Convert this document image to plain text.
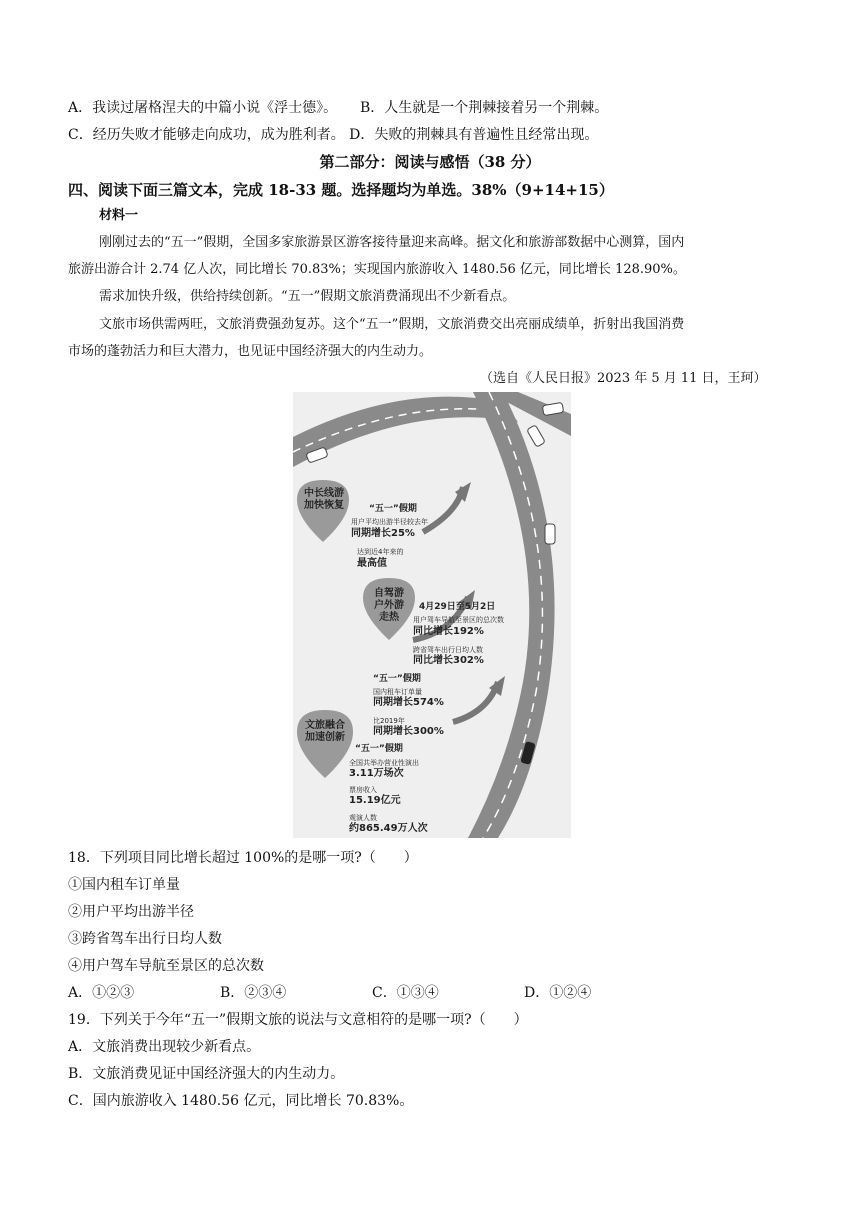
A．我读过屠格涅夫的中篇小说《浮士德》。 B．人生就是一个荆棘接着另一个荆棘。
C．经历失败才能够走向成功，成为胜利者。 D．失败的荆棘具有普遍性且经常出现。
第二部分：阅读与感悟（38 分）
四、阅读下面三篇文本，完成 18-33 题。选择题均为单选。38%（9+14+15）
材料一
刚刚过去的“五一”假期，全国多家旅游景区游客接待量迎来高峰。据文化和旅游部数据中心测算，国内
旅游出游合计 2.74 亿人次，同比增长 70.83%；实现国内旅游收入 1480.56 亿元，同比增长 128.90%。
需求加快升级，供给持续创新。“五一”假期文旅消费涌现出不少新看点。
文旅市场供需两旺，文旅消费强劲复苏。这个“五一”假期，文旅消费交出亮丽成绩单，折射出我国消费
市场的蓬勃活力和巨大潜力，也见证中国经济强大的内生动力。
（选自《人民日报》2023 年 5 月 11 日，王珂）
中长线游
加快恢复	“五一”假期
用户平均出游半径较去年
同期增长25%
达到近4年来的
最高值
自驾游
户外游
走热
4月29日至5月2日
用户驾车导航至景区的总次数
同比增长192%
跨省驾车出行日均人数
同比增长302%
“五一”假期
国内租车订单量
同期增长574%
比2019年
同期增长300%
文旅融合
加速创新
“五一”假期
全国共举办营业性演出
3.11万场次
票房收入
15.19亿元
观演人数
约865.49万人次
18．下列项目同比增长超过 100%的是哪一项?（　　）
①国内租车订单量
②用户平均出游半径
③跨省驾车出行日均人数
④用户驾车导航至景区的总次数
A．①②③	B．②③④	C．①③④	D．①②④
19．下列关于今年“五一”假期文旅的说法与文意相符的是哪一项?（　　）
A．文旅消费出现较少新看点。
B．文旅消费见证中国经济强大的内生动力。
C．国内旅游收入 1480.56 亿元，同比增长 70.83%。
